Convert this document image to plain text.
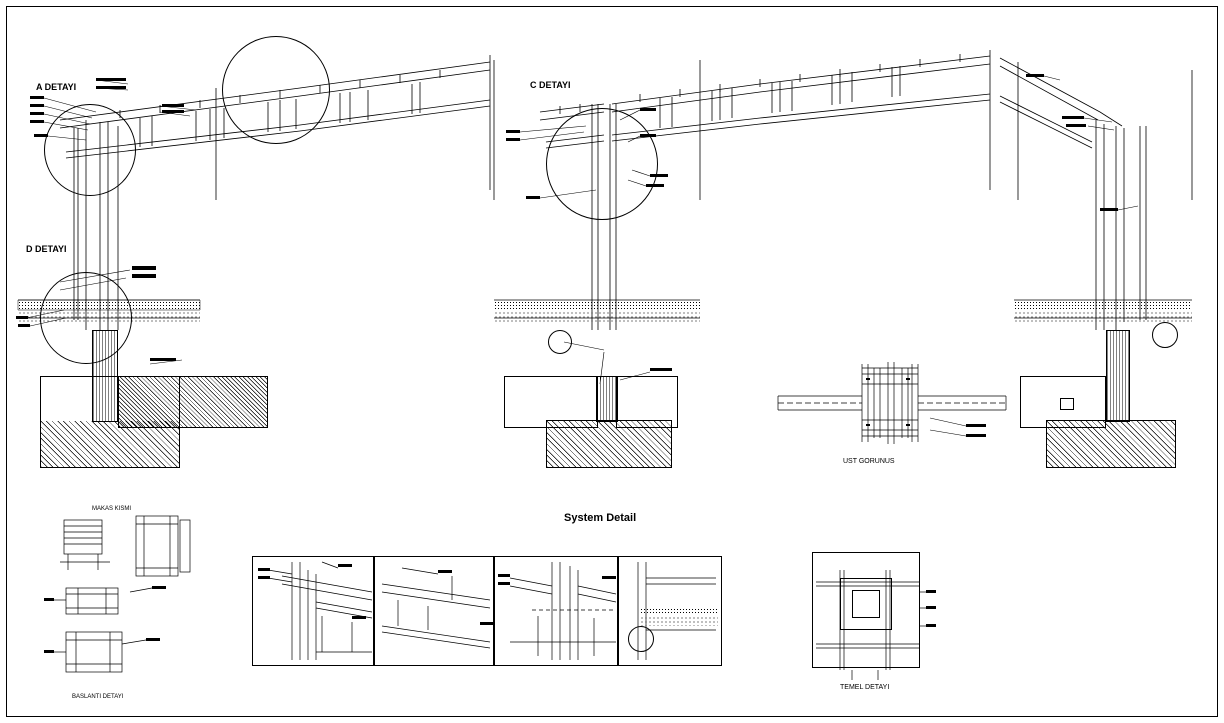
A DETAYI
D DETAYI
C DETAYI
UST GORUNUS
MAKAS KISMI
BASLANTI DETAYI
System Detail
TEMEL DETAYI
